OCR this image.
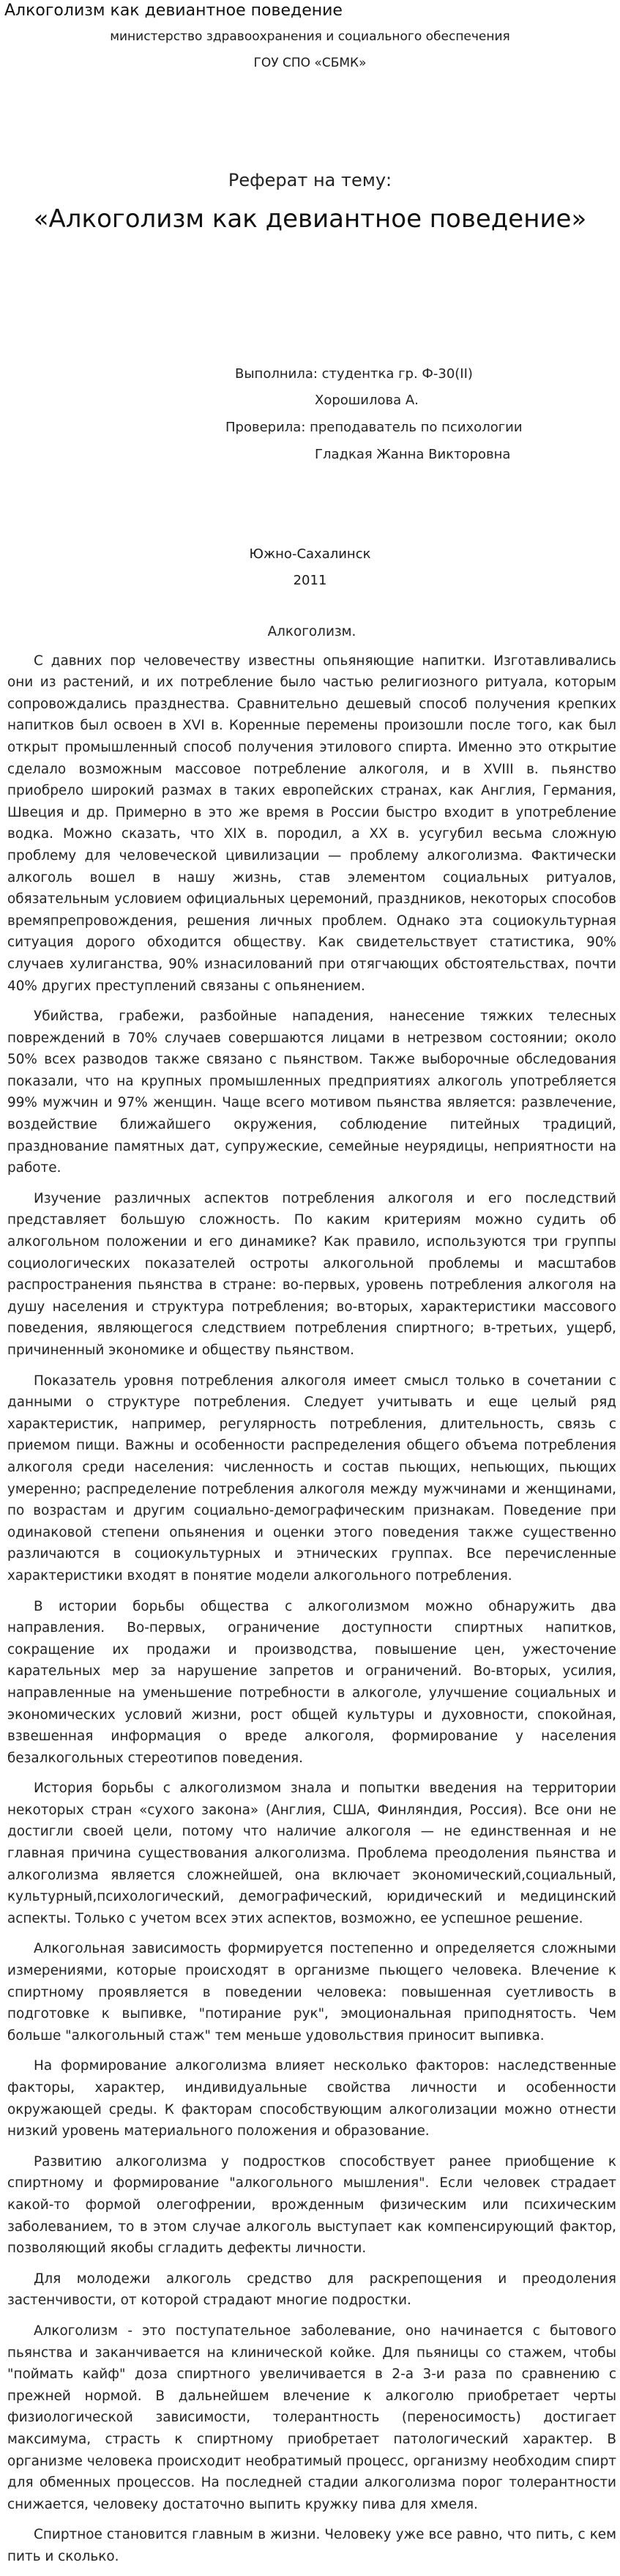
Алкоголизм как девиантное поведение
министерство здравоохранения и социального обеспечения
ГОУ СПО «СБМК»
Реферат на тему:
«Алкоголизм как девиантное поведение»
Выполнила: студентка гр. Ф-30(II)
Хорошилова А.
Проверила: преподаватель по психологии
Гладкая Жанна Викторовна
Южно-Сахалинск
2011

Алкоголизм.

С давних пор человечеству известны опьяняющие напитки. Изготавливались они из растений, и их потребление было частью религиозного ритуала, которым сопровождались празднества. Сравнительно дешевый способ получения крепких напитков был освоен в XVI в. Коренные перемены произошли после того, как был открыт промышленный способ получения этилового спирта. Именно это открытие сделало возможным массовое потребление алкоголя, и в XVIII в. пьянство приобрело широкий размах в таких европейских странах, как Англия, Германия, Швеция и др. Примерно в это же время в России быстро входит в употребление водка. Можно сказать, что XIX в. породил, а XX в. усугубил весьма сложную проблему для человеческой цивилизации — проблему алкоголизма. Фактически алкоголь вошел в нашу жизнь, став элементом социальных ритуалов, обязательным условием официальных церемоний, праздников, некоторых способов времяпрепровождения, решения личных проблем. Однако эта социокультурная ситуация дорого обходится обществу. Как свидетельствует статистика, 90% случаев хулиганства, 90% изнасилований при отягчающих обстоятельствах, почти 40% других преступлений связаны с опьянением.

Убийства, грабежи, разбойные нападения, нанесение тяжких телесных повреждений в 70% случаев совершаются лицами в нетрезвом состоянии; около 50% всех разводов также связано с пьянством. Также выборочные обследования показали, что на крупных промышленных предприятиях алкоголь употребляется 99% мужчин и 97% женщин. Чаще всего мотивом пьянства является: развлечение, воздействие ближайшего окружения, соблюдение питейных традиций, празднование памятных дат, супружеские, семейные неурядицы, неприятности на работе.

Изучение различных аспектов потребления алкоголя и его последствий представляет большую сложность. По каким критериям можно судить об алкогольном положении и его динамике? Как правило, используются три группы социологических показателей остроты алкогольной проблемы и масштабов распространения пьянства в стране: во-первых, уровень потребления алкоголя на душу населения и структура потребления; во-вторых, характеристики массового поведения, являющегося следствием потребления спиртного; в-третьих, ущерб, причиненный экономике и обществу пьянством.

Показатель уровня потребления алкоголя имеет смысл только в сочетании с данными о структуре потребления. Следует учитывать и еще целый ряд характеристик, например, регулярность потребления, длительность, связь с приемом пищи. Важны и особенности распределения общего объема потребления алкоголя среди населения: численность и состав пьющих, непьющих, пьющих умеренно; распределение потребления алкоголя между мужчинами и женщинами, по возрастам и другим социально-демографическим признакам. Поведение при одинаковой степени опьянения и оценки этого поведения также существенно различаются в социокультурных и этнических группах. Все перечисленные характеристики входят в понятие модели алкогольного потребления.

В истории борьбы общества с алкоголизмом можно обнаружить два направления. Во-первых, ограничение доступности спиртных напитков, сокращение их продажи и производства, повышение цен, ужесточение карательных мер за нарушение запретов и ограничений. Во-вторых, усилия, направленные на уменьшение потребности в алкоголе, улучшение социальных и экономических условий жизни, рост общей культуры и духовности, спокойная, взвешенная информация о вреде алкоголя, формирование у населения безалкогольных стереотипов поведения.

История борьбы с алкоголизмом знала и попытки введения на территории некоторых стран «сухого закона» (Англия, США, Финляндия, Россия). Все они не достигли своей цели, потому что наличие алкоголя — не единственная и не главная причина существования алкоголизма. Проблема преодоления пьянства и алкоголизма является сложнейшей, она включает экономический,социальный, культурный,психологический, демографический, юридический и медицинский аспекты. Только с учетом всех этих аспектов, возможно, ее успешное решение.

Алкогольная зависимость формируется постепенно и определяется сложными измерениями, которые происходят в организме пьющего человека. Влечение к спиртному проявляется в поведении человека: повышенная суетливость в подготовке к выпивке, "потирание рук", эмоциональная приподнятость. Чем больше "алкогольный стаж" тем меньше удовольствия приносит выпивка.

На формирование алкоголизма влияет несколько факторов: наследственные факторы, характер, индивидуальные свойства личности и особенности окружающей среды. К факторам способствующим алкоголизации можно отнести низкий уровень материального положения и образование.

Развитию алкоголизма у подростков способствует ранее приобщение к спиртному и формирование "алкогольного мышления". Если человек страдает какой-то формой олегофрении, врожденным физическим или психическим заболеванием, то в этом случае алкоголь выступает как компенсирующий фактор, позволяющий якобы сгладить дефекты личности.

Для молодежи алкоголь средство для раскрепощения и преодоления застенчивости, от которой страдают многие подростки.

Алкоголизм - это поступательное заболевание, оно начинается с бытового пьянства и заканчивается на клинической койке. Для пьяницы со стажем, чтобы "поймать кайф" доза спиртного увеличивается в 2-а 3-и раза по сравнению с прежней нормой. В дальнейшем влечение к алкоголю приобретает черты физиологической зависимости, толерантность (переносимость) достигает максимума, страсть к спиртному приобретает патологический характер. В организме человека происходит необратимый процесс, организму необходим спирт для обменных процессов. На последней стадии алкоголизма порог толерантности снижается, человеку достаточно выпить кружку пива для хмеля.

Спиртное становится главным в жизни. Человеку уже все равно, что пить, с кем пить и сколько.
